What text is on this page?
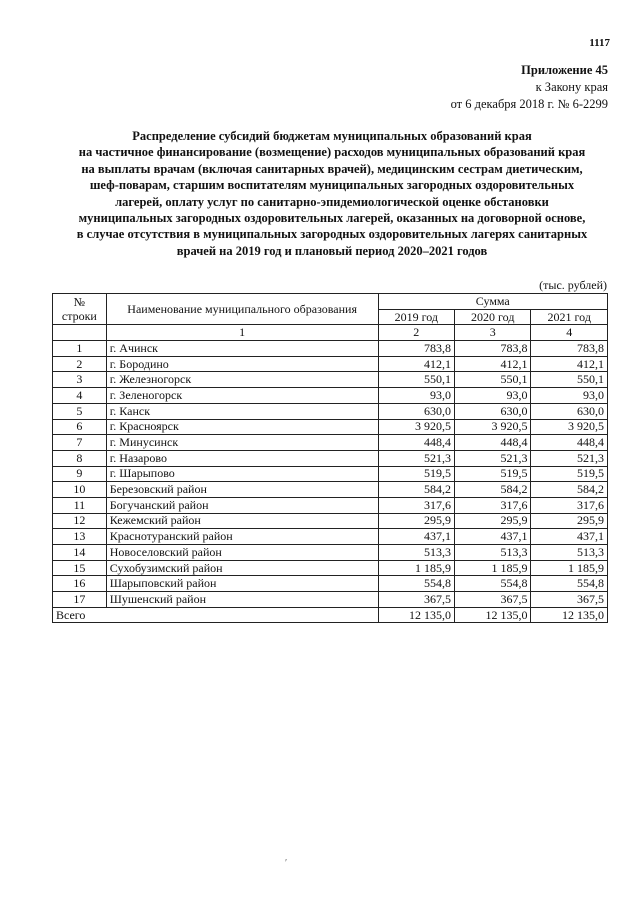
1117
Приложение 45
к Закону края
от 6 декабря 2018 г. № 6-2299
Распределение субсидий бюджетам муниципальных образований края
на частичное финансирование (возмещение) расходов муниципальных образований края
на выплаты врачам (включая санитарных врачей), медицинским сестрам диетическим,
шеф-поварам, старшим воспитателям муниципальных загородных оздоровительных
лагерей, оплату услуг по санитарно-эпидемиологической оценке обстановки
муниципальных загородных оздоровительных лагерей, оказанных на договорной основе,
в случае отсутствия в муниципальных загородных оздоровительных лагерях санитарных
врачей на 2019 год и плановый период 2020–2021 годов
(тыс. рублей)
№ строки	Наименование муниципального образования	Сумма		
		2019 год	2020 год	2021 год
	1	2	3	4
1	г. Ачинск	783,8	783,8	783,8
2	г. Бородино	412,1	412,1	412,1
3	г. Железногорск	550,1	550,1	550,1
4	г. Зеленогорск	93,0	93,0	93,0
5	г. Канск	630,0	630,0	630,0
6	г. Красноярск	3 920,5	3 920,5	3 920,5
7	г. Минусинск	448,4	448,4	448,4
8	г. Назарово	521,3	521,3	521,3
9	г. Шарыпово	519,5	519,5	519,5
10	Березовский район	584,2	584,2	584,2
11	Богучанский район	317,6	317,6	317,6
12	Кежемский район	295,9	295,9	295,9
13	Краснотуранский район	437,1	437,1	437,1
14	Новоселовский район	513,3	513,3	513,3
15	Сухобузимский район	1 185,9	1 185,9	1 185,9
16	Шарыповский район	554,8	554,8	554,8
17	Шушенский район	367,5	367,5	367,5
Всего		12 135,0	12 135,0	12 135,0
ʹ
